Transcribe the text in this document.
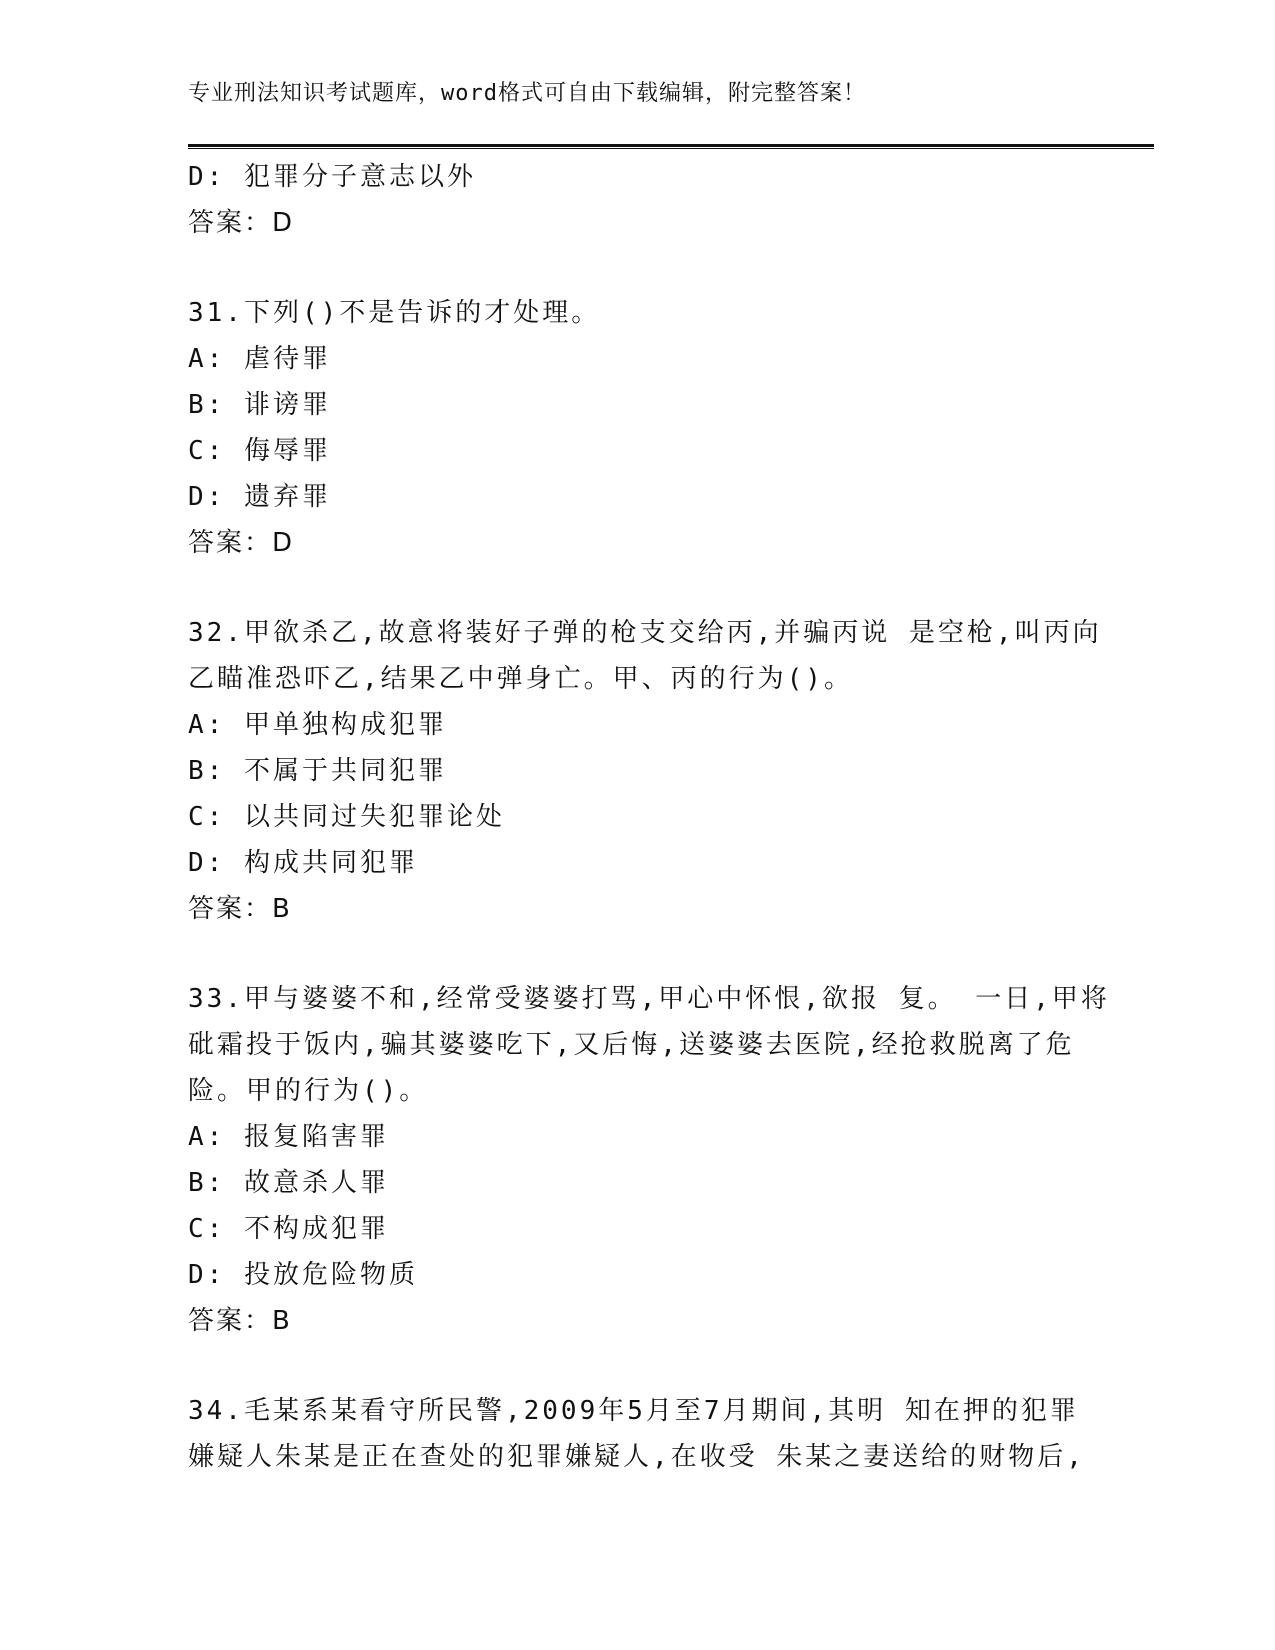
专业刑法知识考试题库，word格式可自由下载编辑，附完整答案！
D: 犯罪分子意志以外
答案：D
31.下列()不是告诉的才处理。
A: 虐待罪
B: 诽谤罪
C: 侮辱罪
D: 遗弃罪
答案：D
32.甲欲杀乙,故意将装好子弹的枪支交给丙,并骗丙说 是空枪,叫丙向
乙瞄准恐吓乙,结果乙中弹身亡。甲、丙的行为()。
A: 甲单独构成犯罪
B: 不属于共同犯罪
C: 以共同过失犯罪论处
D: 构成共同犯罪
答案：B
33.甲与婆婆不和,经常受婆婆打骂,甲心中怀恨,欲报 复。 一日,甲将
砒霜投于饭内,骗其婆婆吃下,又后悔,送婆婆去医院,经抢救脱离了危
险。甲的行为()。
A: 报复陷害罪
B: 故意杀人罪
C: 不构成犯罪
D: 投放危险物质
答案：B
34.毛某系某看守所民警,2009年5月至7月期间,其明 知在押的犯罪
嫌疑人朱某是正在查处的犯罪嫌疑人,在收受 朱某之妻送给的财物后,
